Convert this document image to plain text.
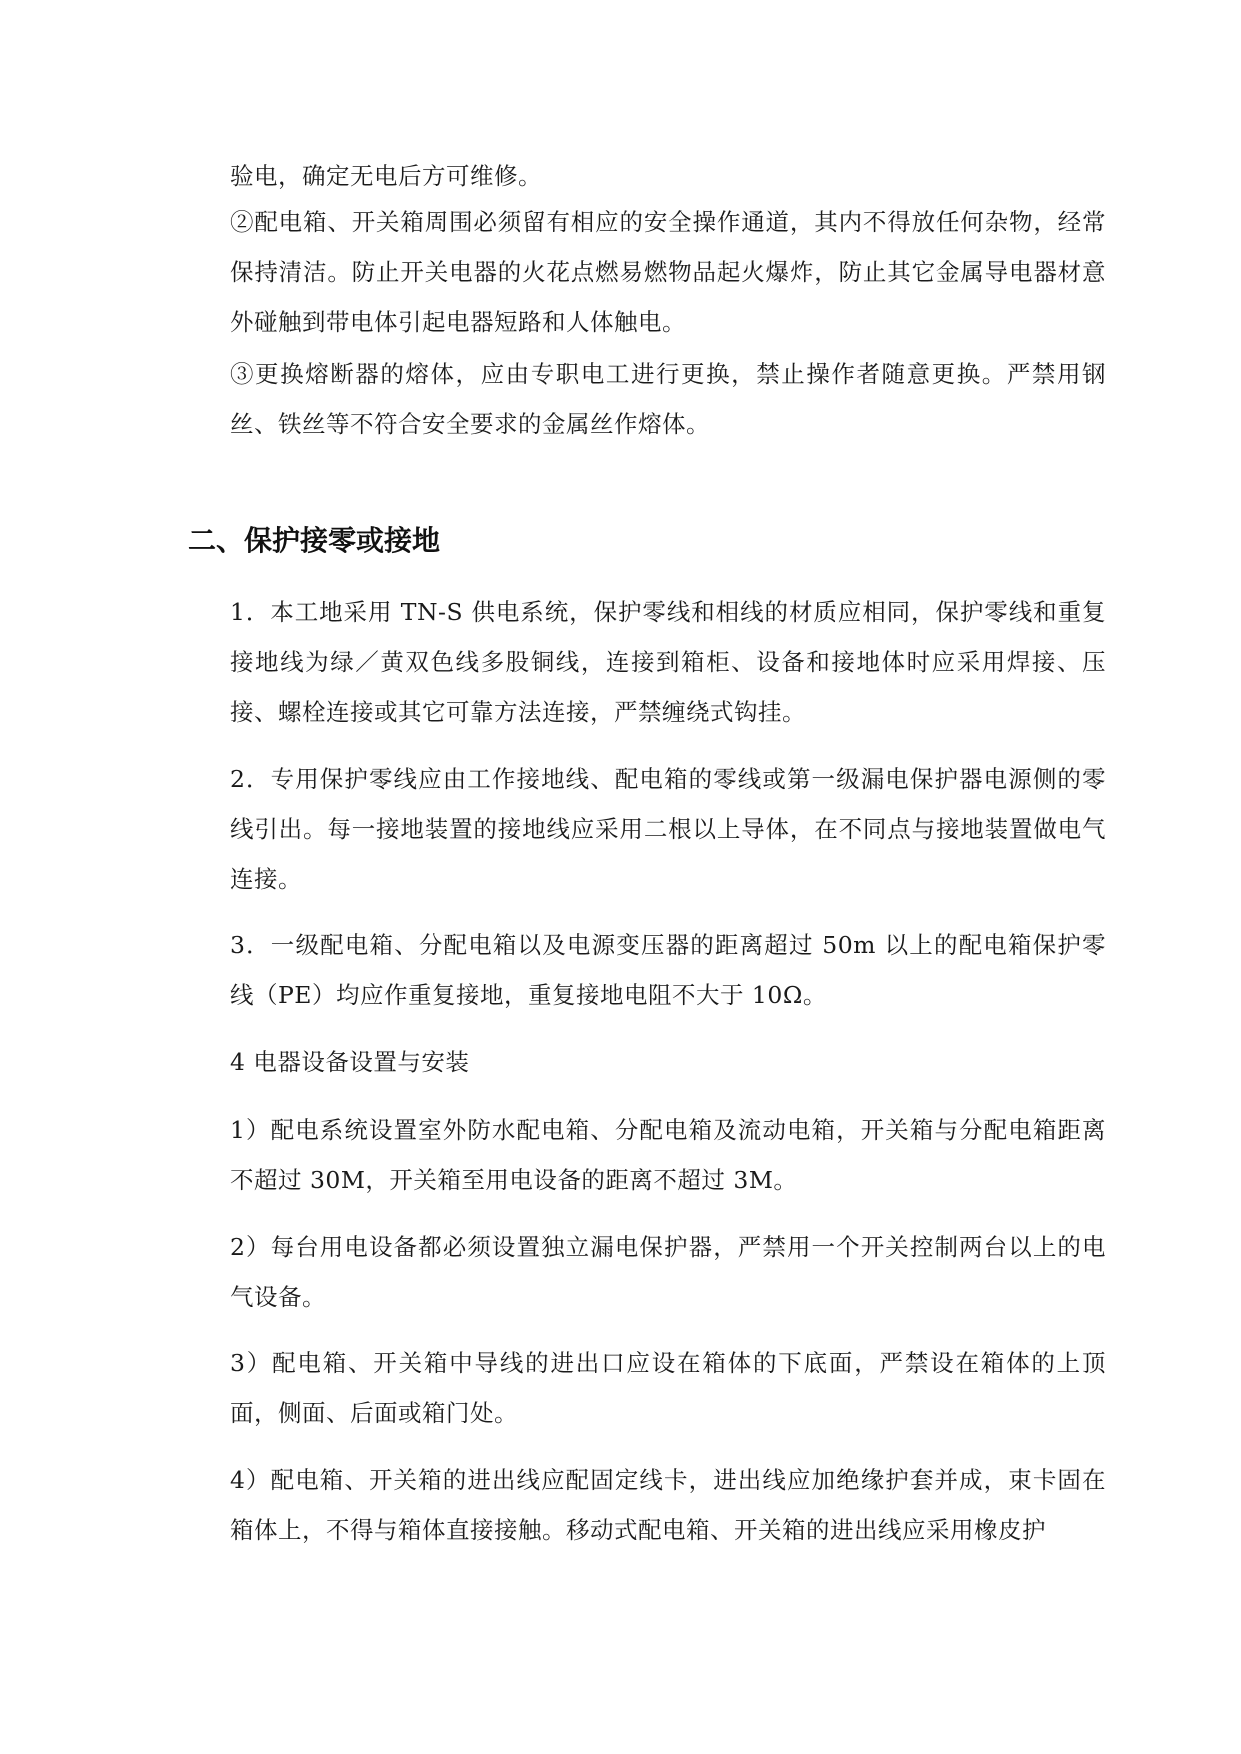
验电，确定无电后方可维修。

②配电箱、开关箱周围必须留有相应的安全操作通道，其内不得放任何杂物，经常保持清洁。防止开关电器的火花点燃易燃物品起火爆炸，防止其它金属导电器材意外碰触到带电体引起电器短路和人体触电。

③更换熔断器的熔体，应由专职电工进行更换，禁止操作者随意更换。严禁用钢丝、铁丝等不符合安全要求的金属丝作熔体。

二、保护接零或接地

1．本工地采用 TN-S 供电系统，保护零线和相线的材质应相同，保护零线和重复接地线为绿／黄双色线多股铜线，连接到箱柜、设备和接地体时应采用焊接、压接、螺栓连接或其它可靠方法连接，严禁缠绕式钩挂。

2．专用保护零线应由工作接地线、配电箱的零线或第一级漏电保护器电源侧的零线引出。每一接地装置的接地线应采用二根以上导体，在不同点与接地装置做电气连接。

3．一级配电箱、分配电箱以及电源变压器的距离超过 50m 以上的配电箱保护零线（PE）均应作重复接地，重复接地电阻不大于 10Ω。

4 电器设备设置与安装

1）配电系统设置室外防水配电箱、分配电箱及流动电箱，开关箱与分配电箱距离不超过 30M，开关箱至用电设备的距离不超过 3M。

2）每台用电设备都必须设置独立漏电保护器，严禁用一个开关控制两台以上的电气设备。

3）配电箱、开关箱中导线的进出口应设在箱体的下底面，严禁设在箱体的上顶面，侧面、后面或箱门处。

4）配电箱、开关箱的进出线应配固定线卡，进出线应加绝缘护套并成，束卡固在箱体上，不得与箱体直接接触。移动式配电箱、开关箱的进出线应采用橡皮护
